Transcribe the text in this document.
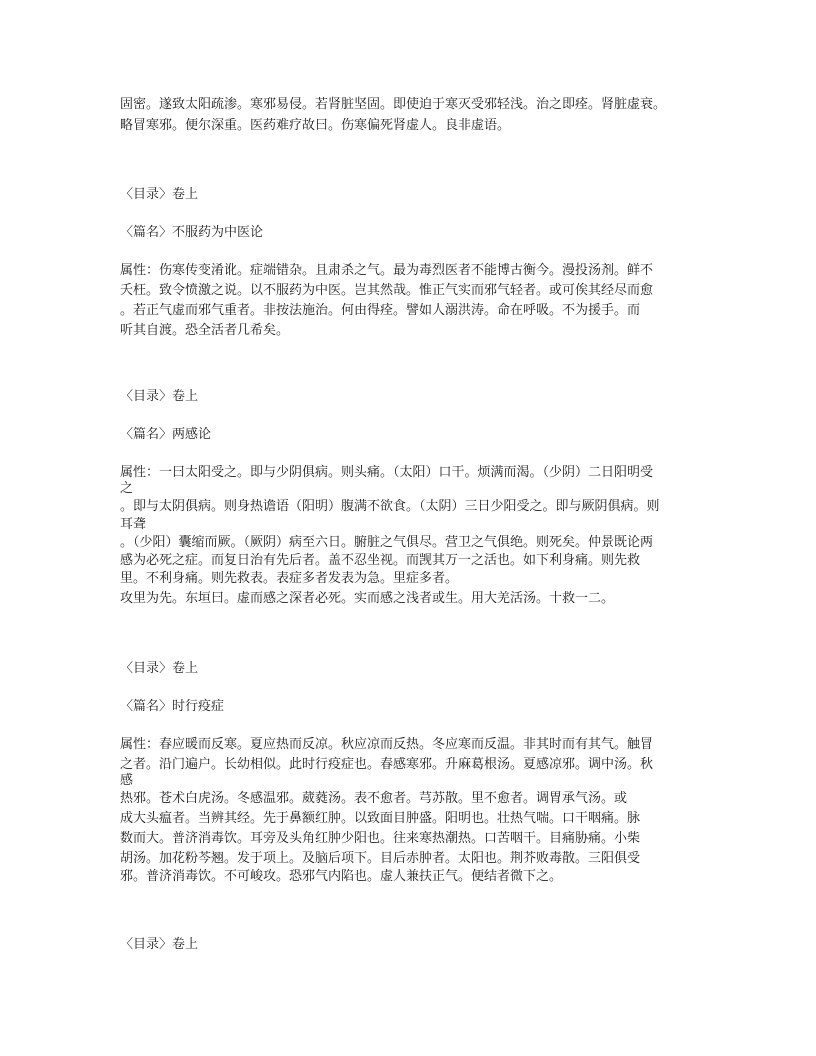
固密。遂致太阳疏渗。寒邪易侵。若肾脏坚固。即使迫于寒灭受邪轻浅。治之即痊。肾脏虚衰。
略冒寒邪。便尔深重。医药难疗故曰。伤寒偏死肾虚人。良非虚语。
〈目录〉卷上
〈篇名〉不服药为中医论
属性：伤寒传变淆讹。症端错杂。且肃杀之气。最为毒烈医者不能博古衡今。漫投汤剂。鲜不
夭枉。致令愤激之说。以不服药为中医。岂其然哉。惟正气实而邪气轻者。或可俟其经尽而愈
。若正气虚而邪气重者。非按法施治。何由得痊。譬如人溺洪涛。命在呼吸。不为援手。而
听其自渡。恐全活者几希矣。
〈目录〉卷上
〈篇名〉两感论
属性：一曰太阳受之。即与少阴俱病。则头痛。（太阳）口干。烦满而渴。（少阴）二日阳明受
之
。即与太阴俱病。则身热谵语（阳明）腹满不欲食。（太阴）三日少阳受之。即与厥阴俱病。则
耳聋
。（少阳）囊缩而厥。（厥阴）病至六日。腑脏之气俱尽。营卫之气俱绝。则死矣。仲景既论两
感为必死之症。而复日治有先后者。盖不忍坐视。而觊其万一之活也。如下利身痛。则先救
里。不利身痛。则先救表。表症多者发表为急。里症多者。
攻里为先。东垣曰。虚而感之深者必死。实而感之浅者或生。用大羌活汤。十救一二。
〈目录〉卷上
〈篇名〉时行疫症
属性：春应暖而反寒。夏应热而反凉。秋应凉而反热。冬应寒而反温。非其时而有其气。触冒
之者。沿门遍户。长幼相似。此时行疫症也。春感寒邪。升麻葛根汤。夏感凉邪。调中汤。秋
感
热邪。苍术白虎汤。冬感温邪。葳蕤汤。表不愈者。芎苏散。里不愈者。调胃承气汤。或
成大头瘟者。当辨其经。先于鼻额红肿。以致面目肿盛。阳明也。壮热气喘。口干咽痛。脉
数而大。普济消毒饮。耳旁及头角红肿少阳也。往来寒热潮热。口苦咽干。目痛胁痛。小柴
胡汤。加花粉芩翘。发于项上。及脑后项下。目后赤肿者。太阳也。荆芥败毒散。三阳俱受
邪。普济消毒饮。不可峻攻。恐邪气内陷也。虚人兼扶正气。便结者微下之。
〈目录〉卷上
